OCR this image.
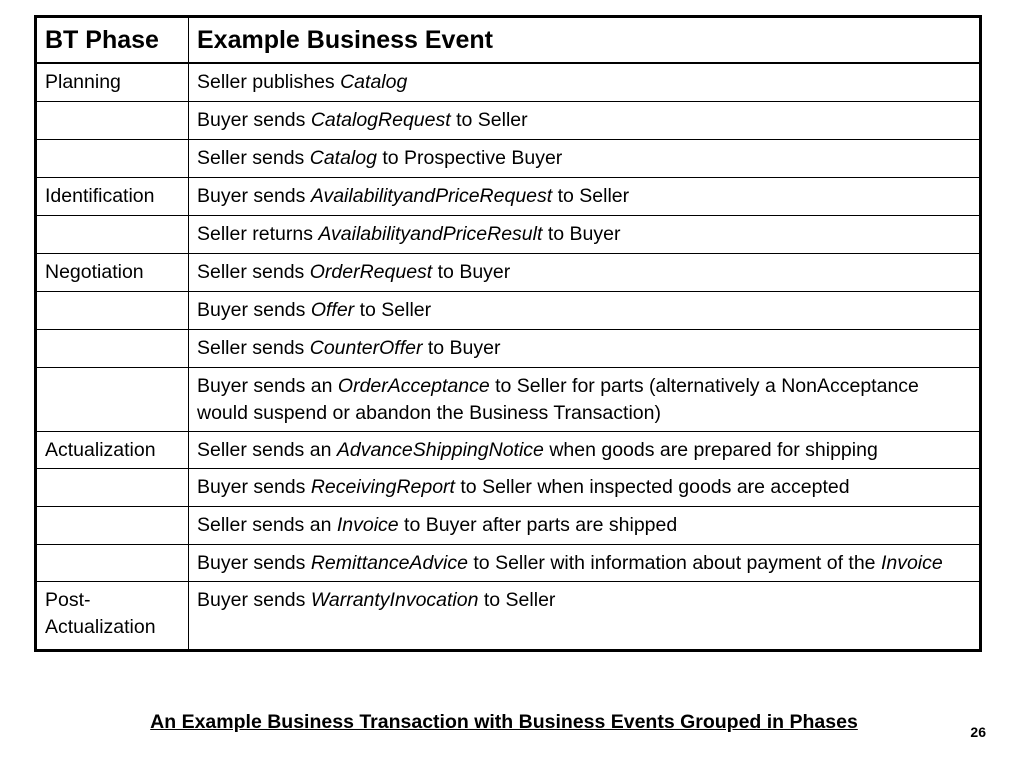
BT Phase	Example Business Event
Planning	Seller publishes Catalog
	Buyer sends CatalogRequest to Seller
	Seller sends Catalog to Prospective Buyer
Identification	Buyer sends AvailabilityandPriceRequest to Seller
	Seller returns AvailabilityandPriceResult to Buyer
Negotiation	Seller sends OrderRequest to Buyer
	Buyer sends Offer to Seller
	Seller sends CounterOffer to Buyer
	Buyer sends an OrderAcceptance to Seller for parts (alternatively a NonAcceptance would suspend or abandon the Business Transaction)
Actualization	Seller sends an AdvanceShippingNotice when goods are prepared for shipping
	Buyer sends ReceivingReport to Seller when inspected goods are accepted
	Seller sends an Invoice to Buyer after parts are shipped
	Buyer sends RemittanceAdvice to Seller with information about payment of the Invoice
Post-Actualization	Buyer sends WarrantyInvocation to Seller
An Example Business Transaction with Business Events Grouped in Phases	26
